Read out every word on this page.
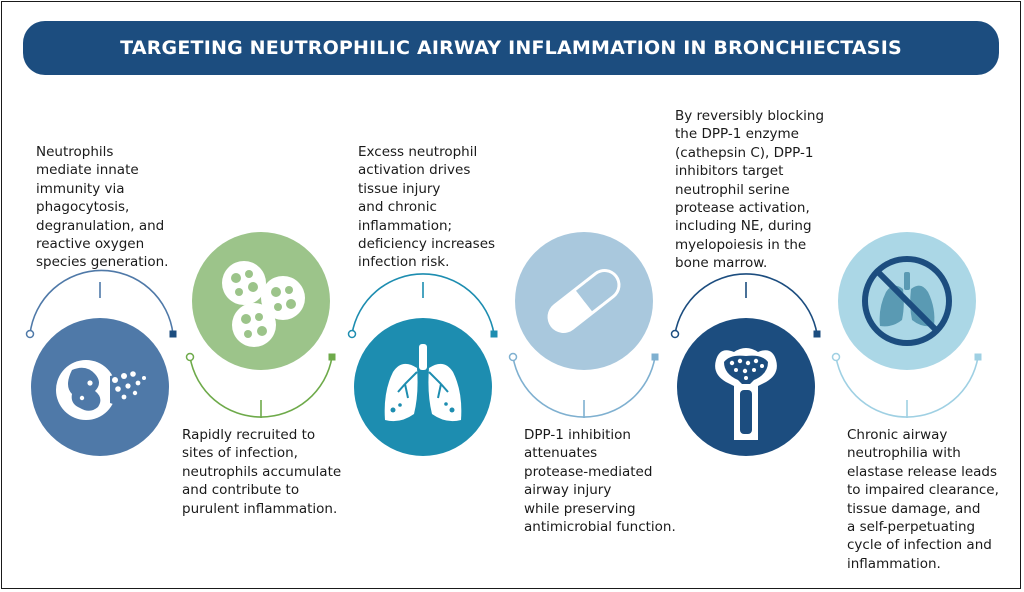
TARGETING NEUTROPHILIC AIRWAY INFLAMMATION IN BRONCHIECTASIS

Neutrophils
mediate innate
immunity via
phagocytosis,
degranulation, and
reactive oxygen
species generation.

Rapidly recruited to
sites of infection,
neutrophils accumulate
and contribute to
purulent inflammation.

Excess neutrophil
activation drives
tissue injury
and chronic
inflammation;
deficiency increases
infection risk.

DPP-1 inhibition
attenuates
protease-mediated
airway injury
while preserving
antimicrobial function.

By reversibly blocking
the DPP-1 enzyme
(cathepsin C), DPP-1
inhibitors target
neutrophil serine
protease activation,
including NE, during
myelopoiesis in the
bone marrow.

Chronic airway
neutrophilia with
elastase release leads
to impaired clearance,
tissue damage, and
a self-perpetuating
cycle of infection and
inflammation.
